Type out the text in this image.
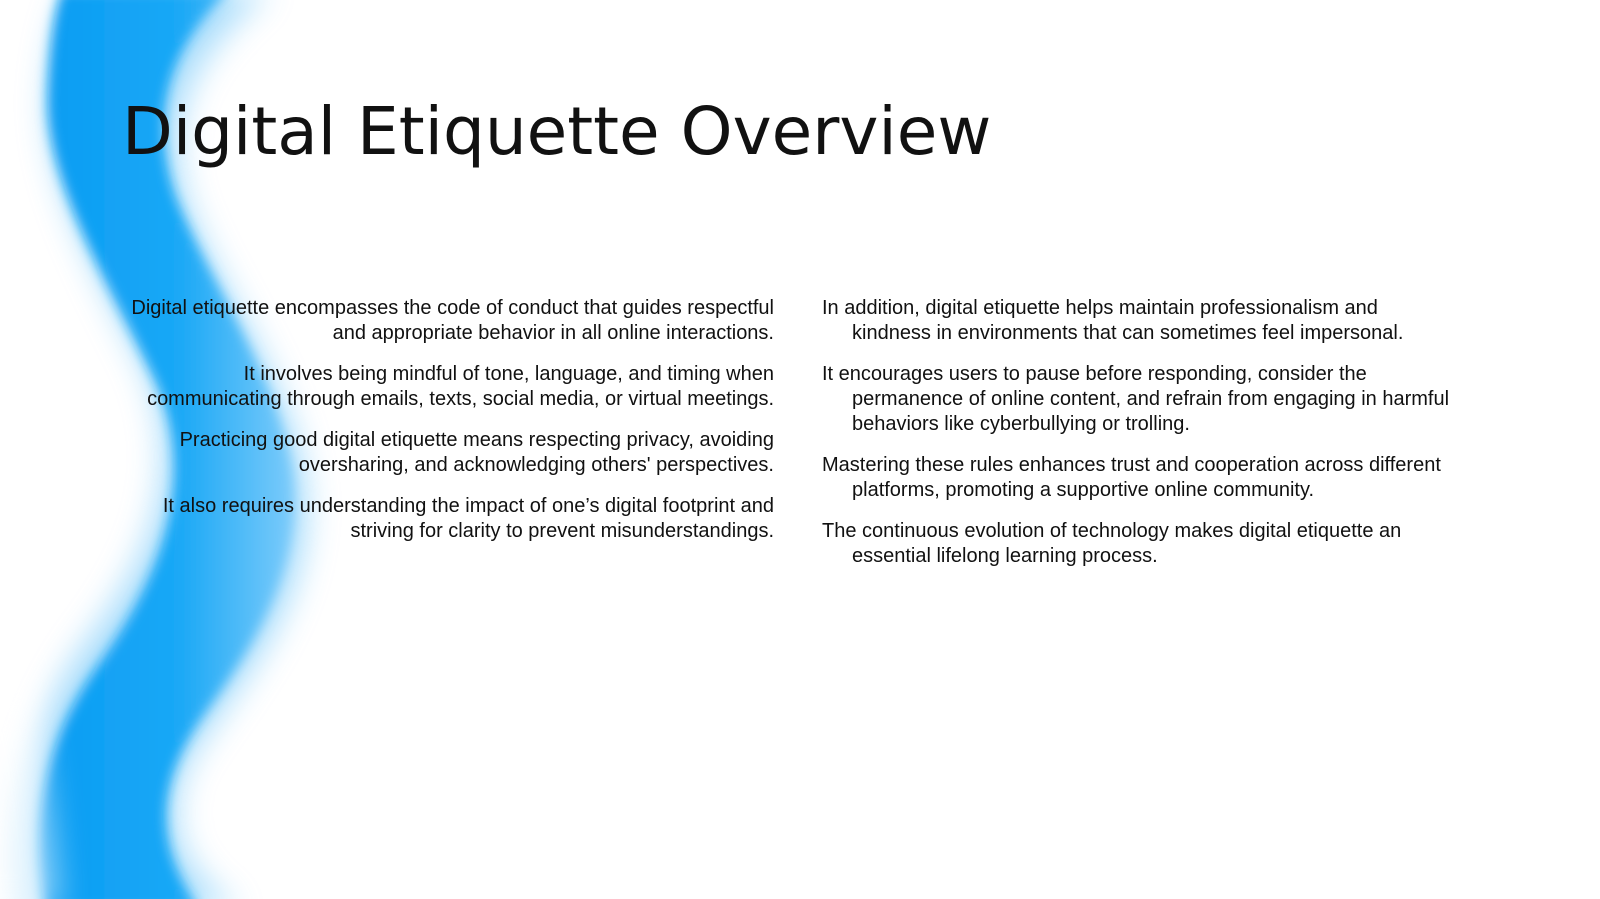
Digital Etiquette Overview

Digital etiquette encompasses the code of conduct that guides respectful and appropriate behavior in all online interactions.

It involves being mindful of tone, language, and timing when communicating through emails, texts, social media, or virtual meetings.

Practicing good digital etiquette means respecting privacy, avoiding oversharing, and acknowledging others' perspectives.

It also requires understanding the impact of one’s digital footprint and striving for clarity to prevent misunderstandings.

In addition, digital etiquette helps maintain professionalism and kindness in environments that can sometimes feel impersonal.

It encourages users to pause before responding, consider the permanence of online content, and refrain from engaging in harmful behaviors like cyberbullying or trolling.

Mastering these rules enhances trust and cooperation across different platforms, promoting a supportive online community.

The continuous evolution of technology makes digital etiquette an essential lifelong learning process.
